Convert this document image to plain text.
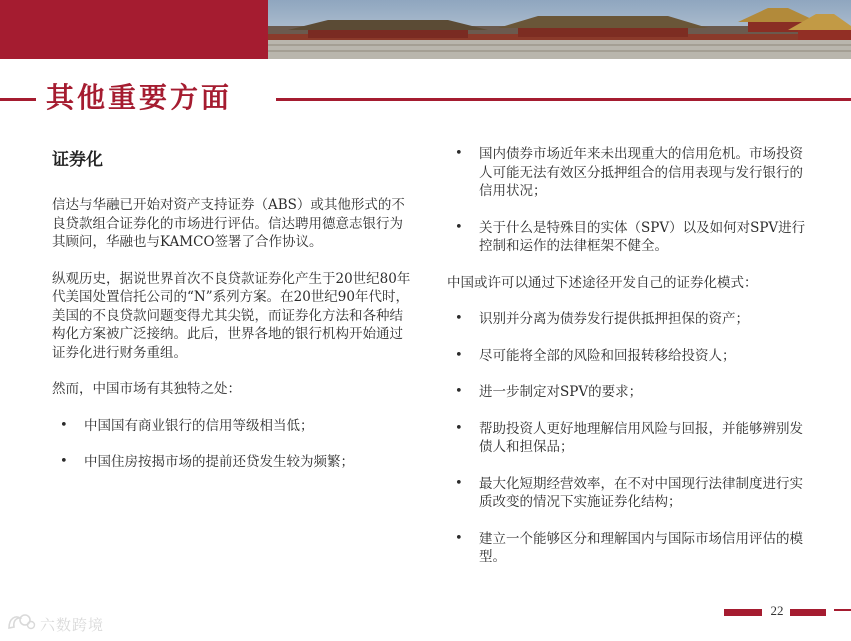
其他重要方面
证券化

信达与华融已开始对资产支持证券（ABS）或其他形式的不良贷款组合证券化的市场进行评估。信达聘用德意志银行为其顾问，华融也与KAMCO签署了合作协议。

纵观历史，据说世界首次不良贷款证券化产生于20世纪80年代美国处置信托公司的“N”系列方案。在20世纪90年代时，美国的不良贷款问题变得尤其尖锐，而证券化方法和各种结构化方案被广泛接纳。此后，世界各地的银行机构开始通过证券化进行财务重组。

然而，中国市场有其独特之处：

• 中国国有商业银行的信用等级相当低；
• 中国住房按揭市场的提前还贷发生较为频繁；
• 国内债券市场近年来未出现重大的信用危机。市场投资人可能无法有效区分抵押组合的信用表现与发行银行的信用状况；
• 关于什么是特殊目的实体（SPV）以及如何对SPV进行控制和运作的法律框架不健全。

中国或许可以通过下述途径开发自己的证券化模式：

• 识别并分离为债券发行提供抵押担保的资产；
• 尽可能将全部的风险和回报转移给投资人；
• 进一步制定对SPV的要求；
• 帮助投资人更好地理解信用风险与回报，并能够辨别发债人和担保品；
• 最大化短期经营效率，在不对中国现行法律制度进行实质改变的情况下实施证券化结构；
• 建立一个能够区分和理解国内与国际市场信用评估的模型。
22
六数跨境
